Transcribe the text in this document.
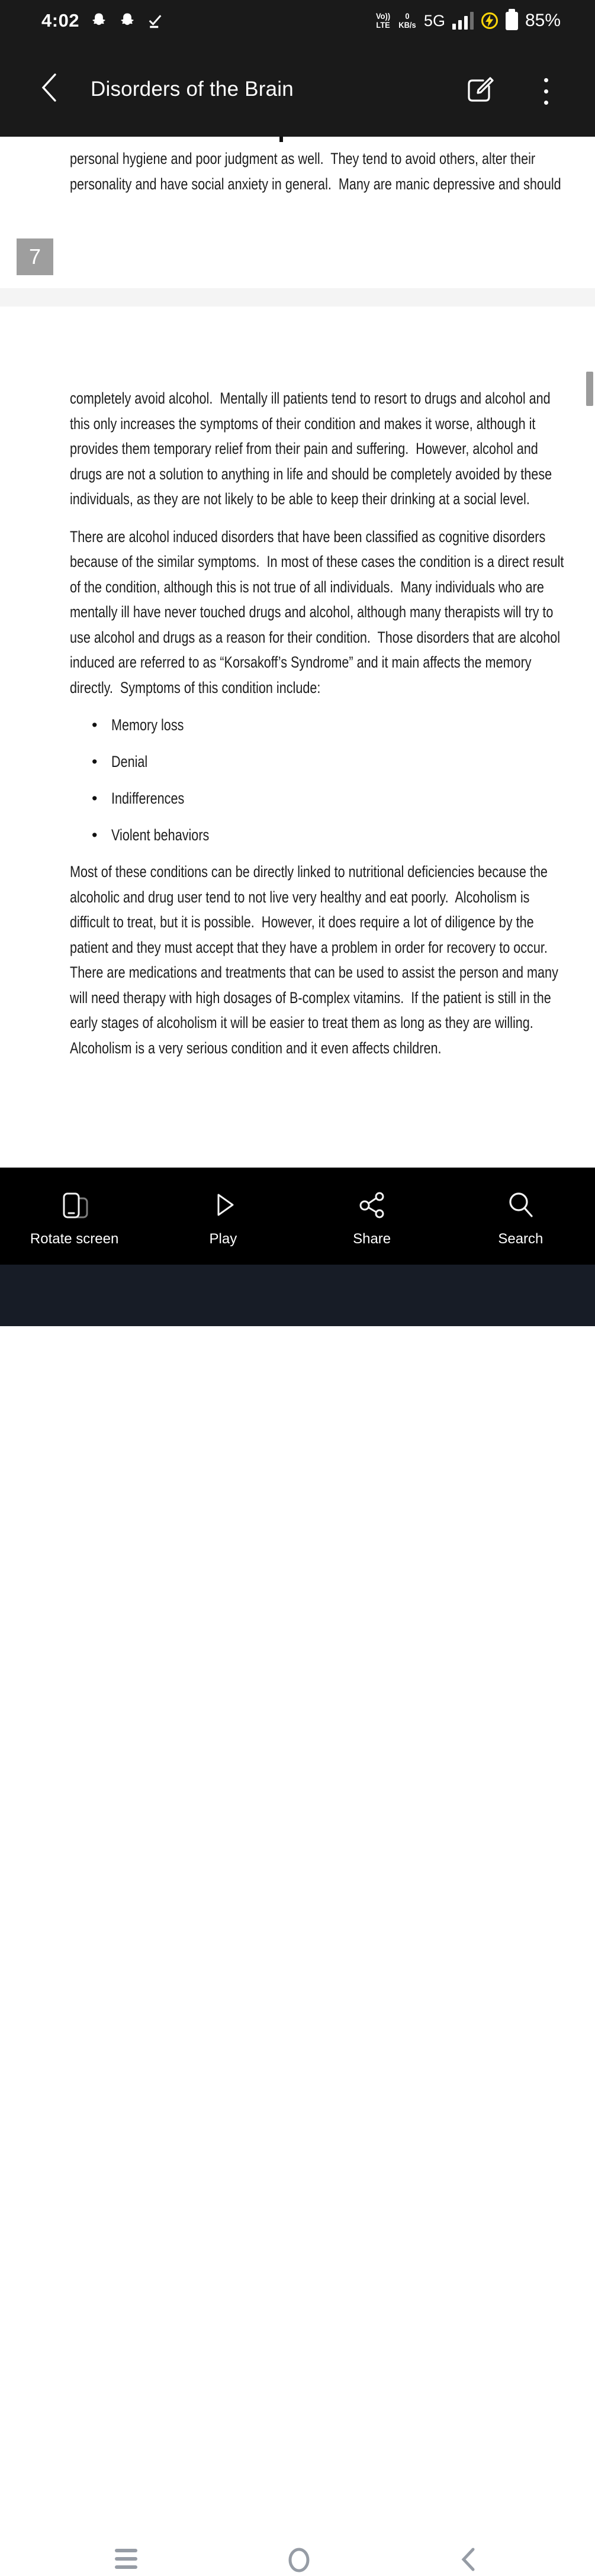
4:02	Vo))
LTE
0
KB/s 5G	85%
Disorders of the Brain
personal hygiene and poor judgment as well.  They tend to avoid others, alter their
personality and have social anxiety in general.  Many are manic depressive and should
7
completely avoid alcohol.  Mentally ill patients tend to resort to drugs and alcohol and
this only increases the symptoms of their condition and makes it worse, although it
provides them temporary relief from their pain and suffering.  However, alcohol and
drugs are not a solution to anything in life and should be completely avoided by these
individuals, as they are not likely to be able to keep their drinking at a social level.
There are alcohol induced disorders that have been classified as cognitive disorders
because of the similar symptoms.  In most of these cases the condition is a direct result
of the condition, although this is not true of all individuals.  Many individuals who are
mentally ill have never touched drugs and alcohol, although many therapists will try to
use alcohol and drugs as a reason for their condition.  Those disorders that are alcohol
induced are referred to as “Korsakoff’s Syndrome” and it main affects the memory
directly.  Symptoms of this condition include:
• Memory loss
• Denial
• Indifferences
• Violent behaviors
Most of these conditions can be directly linked to nutritional deficiencies because the
alcoholic and drug user tend to not live very healthy and eat poorly.  Alcoholism is
difficult to treat, but it is possible.  However, it does require a lot of diligence by the
patient and they must accept that they have a problem in order for recovery to occur.
There are medications and treatments that can be used to assist the person and many
will need therapy with high dosages of B-complex vitamins.  If the patient is still in the
early stages of alcoholism it will be easier to treat them as long as they are willing.
Alcoholism is a very serious condition and it even affects children.
Rotate screen	Play	Share	Search
